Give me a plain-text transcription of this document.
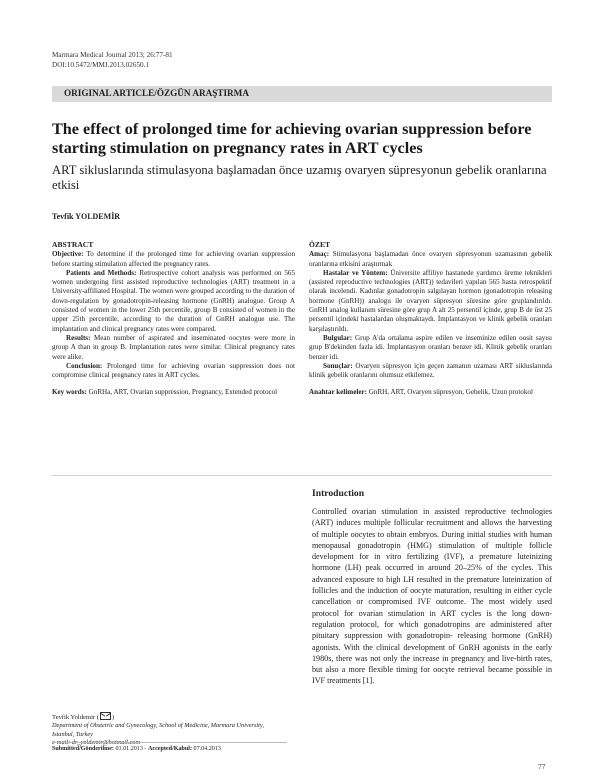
Marmara Medical Journal 2013; 26:77-81
DOI:10.5472/MMJ.2013.02650.1
ORIGINAL ARTICLE/ÖZGÜN ARAŞTIRMA
The effect of prolonged time for achieving ovarian suppression before starting stimulation on pregnancy rates in ART cycles
ART sikluslarında stimulasyona başlamadan önce uzamış ovaryen süpresyonun gebelik oranlarına etkisi
Tevfik YOLDEMİR
ABSTRACT

Objective: To determine if the prolonged time for achieving ovarian suppression before starting stimulation affected the pregnancy rates.

Patients and Methods: Retrospective cohort analysis was performed on 565 women undergoing first assisted reproductive technologies (ART) treatment in a University-affiliated Hospital. The women were grouped according to the duration of down-regulation by gonadotropin-releasing hormone (GnRH) analogue. Group A consisted of women in the lower 25th percentile, group B consisted of women in the upper 25th percentile, according to the duration of GnRH analogue use. The implantation and clinical pregnancy rates were compared.

Results: Mean number of aspirated and inseminated oocytes were more in group A than in group B. Implantation rates were similar. Clinical pregnancy rates were alike.

Conclusion: Prolonged time for achieving ovarian suppression does not compromise clinical pregnancy rates in ART cycles.

Key words: GnRHa, ART, Ovarian suppression, Pregnancy, Extended protocol

ÖZET

Amaç: Stimulasyona başlamadan önce ovaryen süpresyonun uzamasının gebelik oranlarına etkisini araştırmak

Hastalar ve Yöntem: Üniversite affiliye hastanede yardımcı üreme teknikleri (assisted reproductive technologies (ART)) tedavileri yapılan 565 hasta retrospektif olarak incelendi. Kadınlar gonadotropin salgılayan hormon (gonadotropin releasing hormone (GnRH)) analogu ile ovaryen süpresyon süresine göre gruplandırıldı. GnRH analog kullanım süresine göre grup A alt 25 persentil içinde, grup B de üst 25 persentil içindeki hastalardan oluşmaktaydı. İmplantasyon ve klinik gebelik oranları karşılaştırıldı.

Bulgular: Grup A'da ortalama aspire edilen ve inseminize edilen oosit sayısı grup B'dekinden fazla idi. İmplantasyon oranları benzer idi. Klinik gebelik oranları benzer idi.

Sonuçlar: Ovaryen süpresyon için geçen zamanın uzaması ART sikluslarında klinik gebelik oranlarını olumsuz etkilemez.

Anahtar kelimeler: GnRH, ART, Ovaryen süpresyon, Gebelik, Uzun protokol

Introduction

Controlled ovarian stimulation in assisted reproductive technologies (ART) induces multiple follicular recruitment and allows the harvesting of multiple oocytes to obtain embryos. During initial studies with human menopausal gonadotropin (HMG) stimulation of multiple follicle development for in vitro fertilizing (IVF), a premature luteinizing hormone (LH) peak occurred in around 20–25% of the cycles. This advanced exposure to high LH resulted in the premature luteinization of follicles and the induction of oocyte maturation, resulting in either cycle cancellation or compromised IVF outcome. The most widely used protocol for ovarian stimulation in ART cycles is the long down-regulation protocol, for which gonadotropins are administered after pituitary suppression with gonadotropin- releasing hormone (GnRH) agonists. With the clinical development of GnRH agonists in the early 1980s, there was not only the increase in pregnancy and live-birth rates, but also a more flexible timing for oocyte retrieval became possible in IVF treatments [1].

Tevfik Yoldemir ( )
Department of Obstetric and Gynecology, School of Medicine, Marmara University, Istanbul, Turkey
e-mail: dr_yoldemir@hotmail.com
Submitted/Gönderilme: 03.01.2013 - Accepted/Kabul: 07.04.2013
77
